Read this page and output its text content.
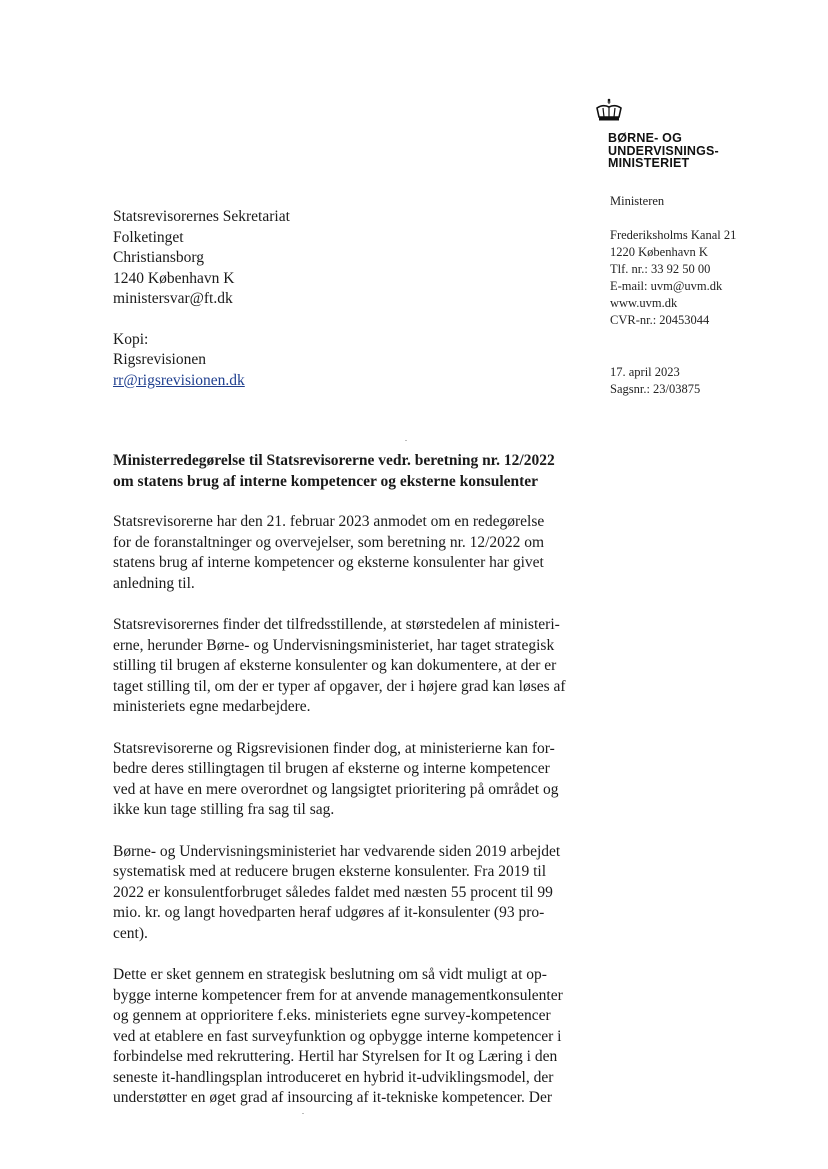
BØRNE- OG
UNDERVISNINGS-
MINISTERIET
Ministeren
Frederiksholms Kanal 21
1220 København K
Tlf. nr.: 33 92 50 00
E-mail: uvm@uvm.dk
www.uvm.dk
CVR-nr.: 20453044
17. april 2023
Sagsnr.: 23/03875
Statsrevisorernes Sekretariat
Folketinget
Christiansborg
1240 København K
ministersvar@ft.dk
Kopi:
Rigsrevisionen
rr@rigsrevisionen.dk
Ministerredegørelse til Statsrevisorerne vedr. beretning nr. 12/2022
om statens brug af interne kompetencer og eksterne konsulenter
Statsrevisorerne har den 21. februar 2023 anmodet om en redegørelse
for de foranstaltninger og overvejelser, som beretning nr. 12/2022 om
statens brug af interne kompetencer og eksterne konsulenter har givet
anledning til.
Statsrevisorernes finder det tilfredsstillende, at størstedelen af ministeri-
erne, herunder Børne- og Undervisningsministeriet, har taget strategisk
stilling til brugen af eksterne konsulenter og kan dokumentere, at der er
taget stilling til, om der er typer af opgaver, der i højere grad kan løses af
ministeriets egne medarbejdere.
Statsrevisorerne og Rigsrevisionen finder dog, at ministerierne kan for-
bedre deres stillingtagen til brugen af eksterne og interne kompetencer
ved at have en mere overordnet og langsigtet prioritering på området og
ikke kun tage stilling fra sag til sag.
Børne- og Undervisningsministeriet har vedvarende siden 2019 arbejdet
systematisk med at reducere brugen eksterne konsulenter. Fra 2019 til
2022 er konsulentforbruget således faldet med næsten 55 procent til 99
mio. kr. og langt hovedparten heraf udgøres af it-konsulenter (93 pro-
cent).
Dette er sket gennem en strategisk beslutning om så vidt muligt at op-
bygge interne kompetencer frem for at anvende managementkonsulenter
og gennem at opprioritere f.eks. ministeriets egne survey-kompetencer
ved at etablere en fast surveyfunktion og opbygge interne kompetencer i
forbindelse med rekruttering. Hertil har Styrelsen for It og Læring i den
seneste it-handlingsplan introduceret en hybrid it-udviklingsmodel, der
understøtter en øget grad af insourcing af it-tekniske kompetencer. Der
